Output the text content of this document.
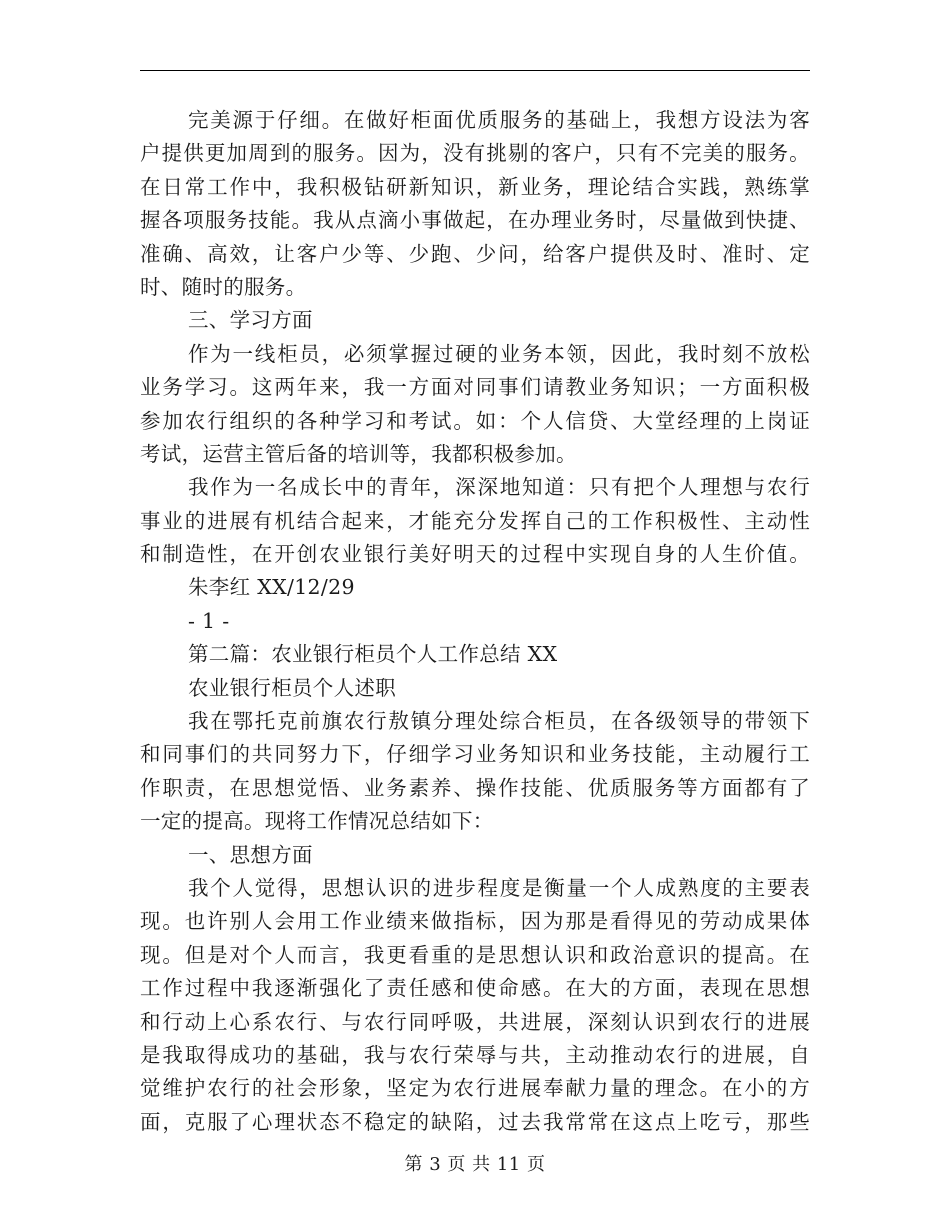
完美源于仔细。在做好柜面优质服务的基础上，我想方设法为客
户提供更加周到的服务。因为，没有挑剔的客户，只有不完美的服务。
在日常工作中，我积极钻研新知识，新业务，理论结合实践，熟练掌
握各项服务技能。我从点滴小事做起，在办理业务时，尽量做到快捷、
准确、高效，让客户少等、少跑、少问，给客户提供及时、准时、定
时、随时的服务。
三、学习方面
作为一线柜员，必须掌握过硬的业务本领，因此，我时刻不放松
业务学习。这两年来，我一方面对同事们请教业务知识；一方面积极
参加农行组织的各种学习和考试。如：个人信贷、大堂经理的上岗证
考试，运营主管后备的培训等，我都积极参加。
我作为一名成长中的青年，深深地知道：只有把个人理想与农行
事业的进展有机结合起来，才能充分发挥自己的工作积极性、主动性
和制造性，在开创农业银行美好明天的过程中实现自身的人生价值。
朱李红 XX/12/29
- 1 -
第二篇：农业银行柜员个人工作总结 XX
农业银行柜员个人述职
我在鄂托克前旗农行敖镇分理处综合柜员，在各级领导的带领下
和同事们的共同努力下，仔细学习业务知识和业务技能，主动履行工
作职责，在思想觉悟、业务素养、操作技能、优质服务等方面都有了
一定的提高。现将工作情况总结如下：
一、思想方面
我个人觉得，思想认识的进步程度是衡量一个人成熟度的主要表
现。也许别人会用工作业绩来做指标，因为那是看得见的劳动成果体
现。但是对个人而言，我更看重的是思想认识和政治意识的提高。在
工作过程中我逐渐强化了责任感和使命感。在大的方面，表现在思想
和行动上心系农行、与农行同呼吸，共进展，深刻认识到农行的进展
是我取得成功的基础，我与农行荣辱与共，主动推动农行的进展，自
觉维护农行的社会形象，坚定为农行进展奉献力量的理念。在小的方
面，克服了心理状态不稳定的缺陷，过去我常常在这点上吃亏，那些
第 3 页 共 11 页
